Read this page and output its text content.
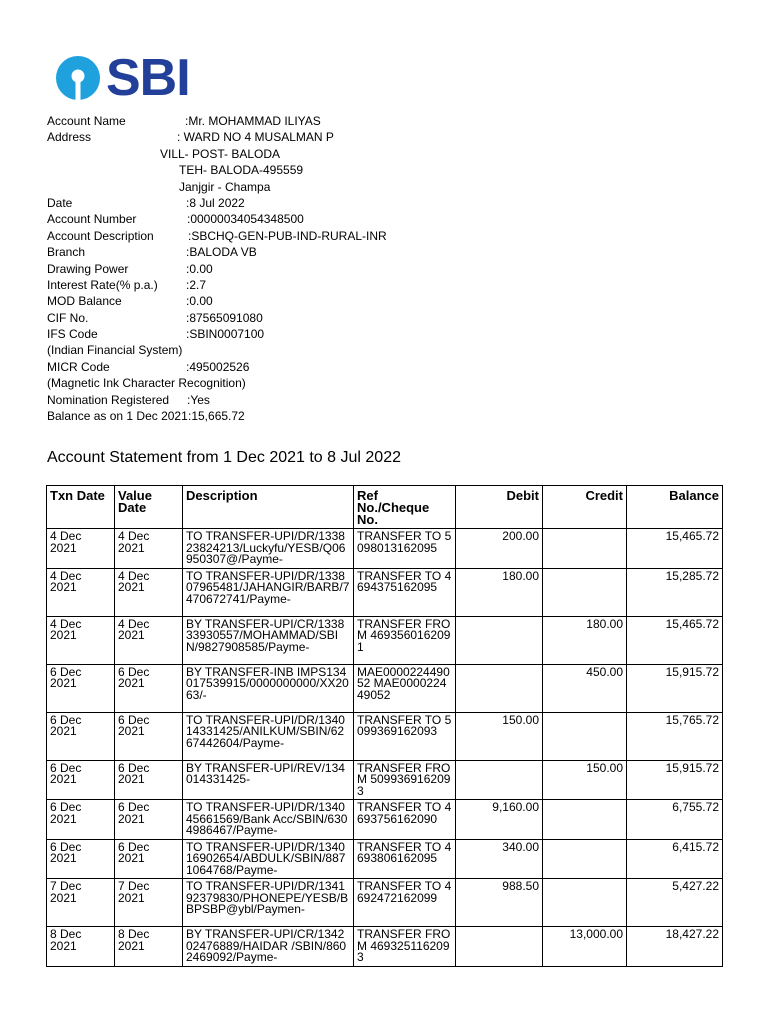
SBI
Account Name	:Mr. MOHAMMAD ILIYAS
Address	: WARD NO 4 MUSALMAN P
VILL- POST- BALODA
TEH- BALODA-495559
Janjgir - Champa
Date	:8 Jul 2022
Account Number	:00000034054348500
Account Description	:SBCHQ-GEN-PUB-IND-RURAL-INR
Branch	:BALODA VB
Drawing Power	:0.00
Interest Rate(% p.a.) :2.7
MOD Balance	:0.00
CIF No.	:87565091080
IFS Code	:SBIN0007100
(Indian Financial System)
MICR Code	:495002526
(Magnetic Ink Character Recognition)
Nomination Registered :Yes
Balance as on 1 Dec 2021 :15,665.72
Account Statement from 1 Dec 2021 to 8 Jul 2022
Txn Date	Value Date	Description	Ref No./Cheque No.	Debit	Credit	Balance
4 Dec 2021	4 Dec 2021	TO TRANSFER-UPI/DR/133823824213/Luckyfu/YESB/Q06950307@/Payme-	TRANSFER TO 5098013162095	200.00		15,465.72
4 Dec 2021	4 Dec 2021	TO TRANSFER-UPI/DR/133807965481/JAHANGIR/BARB/7470672741/Payme-	TRANSFER TO 4694375162095	180.00		15,285.72
4 Dec 2021	4 Dec 2021	BY TRANSFER-UPI/CR/133833930557/MOHAMMAD/SBIN/9827908585/Payme-	TRANSFER FROM 4693560162091		180.00	15,465.72
6 Dec 2021	6 Dec 2021	BY TRANSFER-INB IMPS134017539915/0000000000/XX2063/-	MAE000022449052 MAE000022449052		450.00	15,915.72
6 Dec 2021	6 Dec 2021	TO TRANSFER-UPI/DR/134014331425/ANILKUM/SBIN/6267442604/Payme-	TRANSFER TO 5099369162093	150.00		15,765.72
6 Dec 2021	6 Dec 2021	BY TRANSFER-UPI/REV/134014331425-	TRANSFER FROM 5099369162093		150.00	15,915.72
6 Dec 2021	6 Dec 2021	TO TRANSFER-UPI/DR/134045661569/Bank Acc/SBIN/6304986467/Payme-	TRANSFER TO 4693756162090	9,160.00		6,755.72
6 Dec 2021	6 Dec 2021	TO TRANSFER-UPI/DR/134016902654/ABDULK/SBIN/8871064768/Payme-	TRANSFER TO 4693806162095	340.00		6,415.72
7 Dec 2021	7 Dec 2021	TO TRANSFER-UPI/DR/134192379830/PHONEPE/YESB/BBPSBP@ybl/Paymen-	TRANSFER TO 4692472162099	988.50		5,427.22
8 Dec 2021	8 Dec 2021	BY TRANSFER-UPI/CR/134202476889/HAIDAR /SBIN/8602469092/Payme-	TRANSFER FROM 4693251162093		13,000.00	18,427.22
